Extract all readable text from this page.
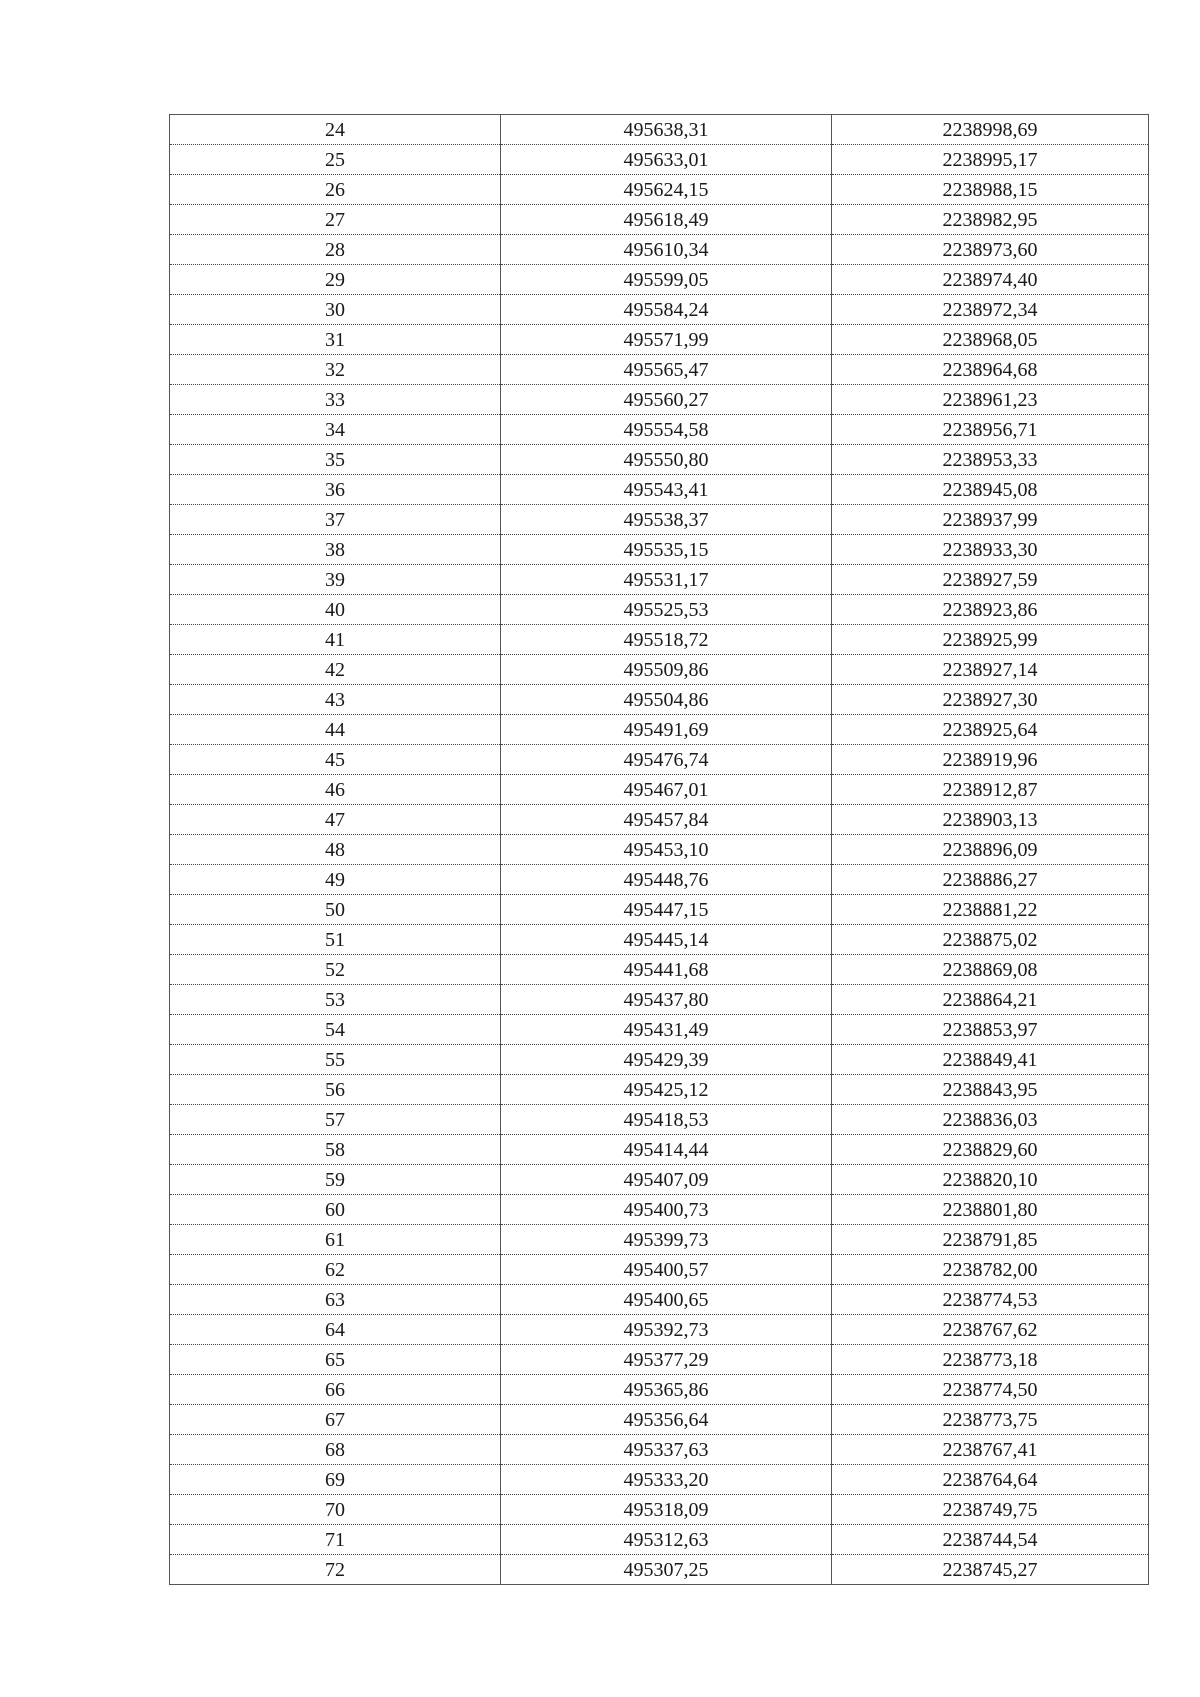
24	495638,31	2238998,69
25	495633,01	2238995,17
26	495624,15	2238988,15
27	495618,49	2238982,95
28	495610,34	2238973,60
29	495599,05	2238974,40
30	495584,24	2238972,34
31	495571,99	2238968,05
32	495565,47	2238964,68
33	495560,27	2238961,23
34	495554,58	2238956,71
35	495550,80	2238953,33
36	495543,41	2238945,08
37	495538,37	2238937,99
38	495535,15	2238933,30
39	495531,17	2238927,59
40	495525,53	2238923,86
41	495518,72	2238925,99
42	495509,86	2238927,14
43	495504,86	2238927,30
44	495491,69	2238925,64
45	495476,74	2238919,96
46	495467,01	2238912,87
47	495457,84	2238903,13
48	495453,10	2238896,09
49	495448,76	2238886,27
50	495447,15	2238881,22
51	495445,14	2238875,02
52	495441,68	2238869,08
53	495437,80	2238864,21
54	495431,49	2238853,97
55	495429,39	2238849,41
56	495425,12	2238843,95
57	495418,53	2238836,03
58	495414,44	2238829,60
59	495407,09	2238820,10
60	495400,73	2238801,80
61	495399,73	2238791,85
62	495400,57	2238782,00
63	495400,65	2238774,53
64	495392,73	2238767,62
65	495377,29	2238773,18
66	495365,86	2238774,50
67	495356,64	2238773,75
68	495337,63	2238767,41
69	495333,20	2238764,64
70	495318,09	2238749,75
71	495312,63	2238744,54
72	495307,25	2238745,27
